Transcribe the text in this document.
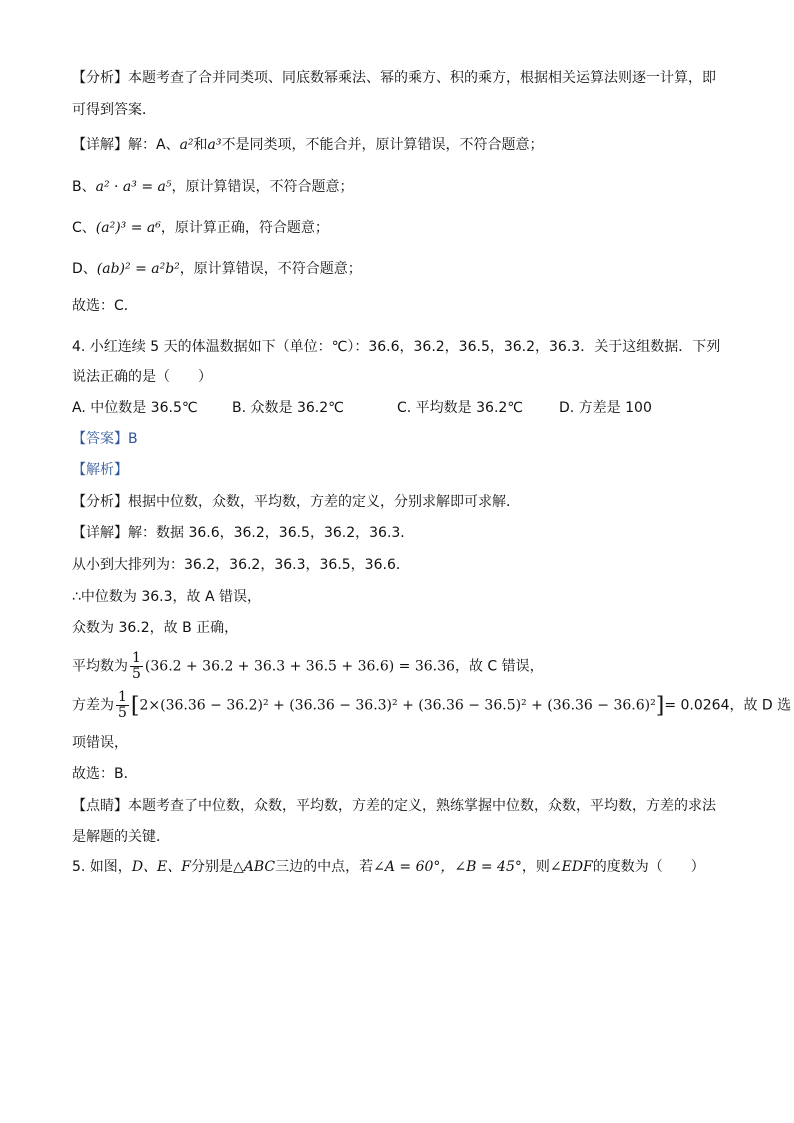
【分析】本题考查了合并同类项、同底数幂乘法、幂的乘方、积的乘方，根据相关运算法则逐一计算，即
可得到答案．
【详解】解：A、a²和a³不是同类项，不能合并，原计算错误，不符合题意；
B、a² · a³ = a⁵，原计算错误，不符合题意；
C、(a²)³ = a⁶，原计算正确，符合题意；
D、(ab)² = a²b²，原计算错误，不符合题意；
故选：C．
4. 小红连续 5 天的体温数据如下（单位：℃）：36.6，36.2，36.5，36.2，36.3．关于这组数据．下列
说法正确的是（　　）
A. 中位数是 36.5℃ B. 众数是 36.2℃	C. 平均数是 36.2℃	D. 方差是 100
【答案】B
【解析】
【分析】根据中位数，众数，平均数，方差的定义，分别求解即可求解．
【详解】解：数据 36.6，36.2，36.5，36.2，36.3．
从小到大排列为：36.2，36.2，36.3，36.5，36.6．
∴中位数为 36.3，故 A 错误，
众数为 36.2，故 B 正确，
平均数为 $\frac{1}{5} (36.2 + 36.2 + 36.3 + 36.5 + 36.6) = 36.36$，故 C 错误，
方差为 $\frac{1}{5} [2\times(36.36 - 36.2)^2 + (36.36 - 36.3)^2 + (36.36 - 36.5)^2 + (36.36 - 36.6)^2]= 0.0264$，故 D 选
项错误，
故选：B．
【点睛】本题考查了中位数，众数，平均数，方差的定义，熟练掌握中位数，众数，平均数，方差的求法
是解题的关键．
5. 如图，D、E、F分别是△ABC三边的中点，若∠A = 60°，∠B = 45°，则∠EDF的度数为（　　）
